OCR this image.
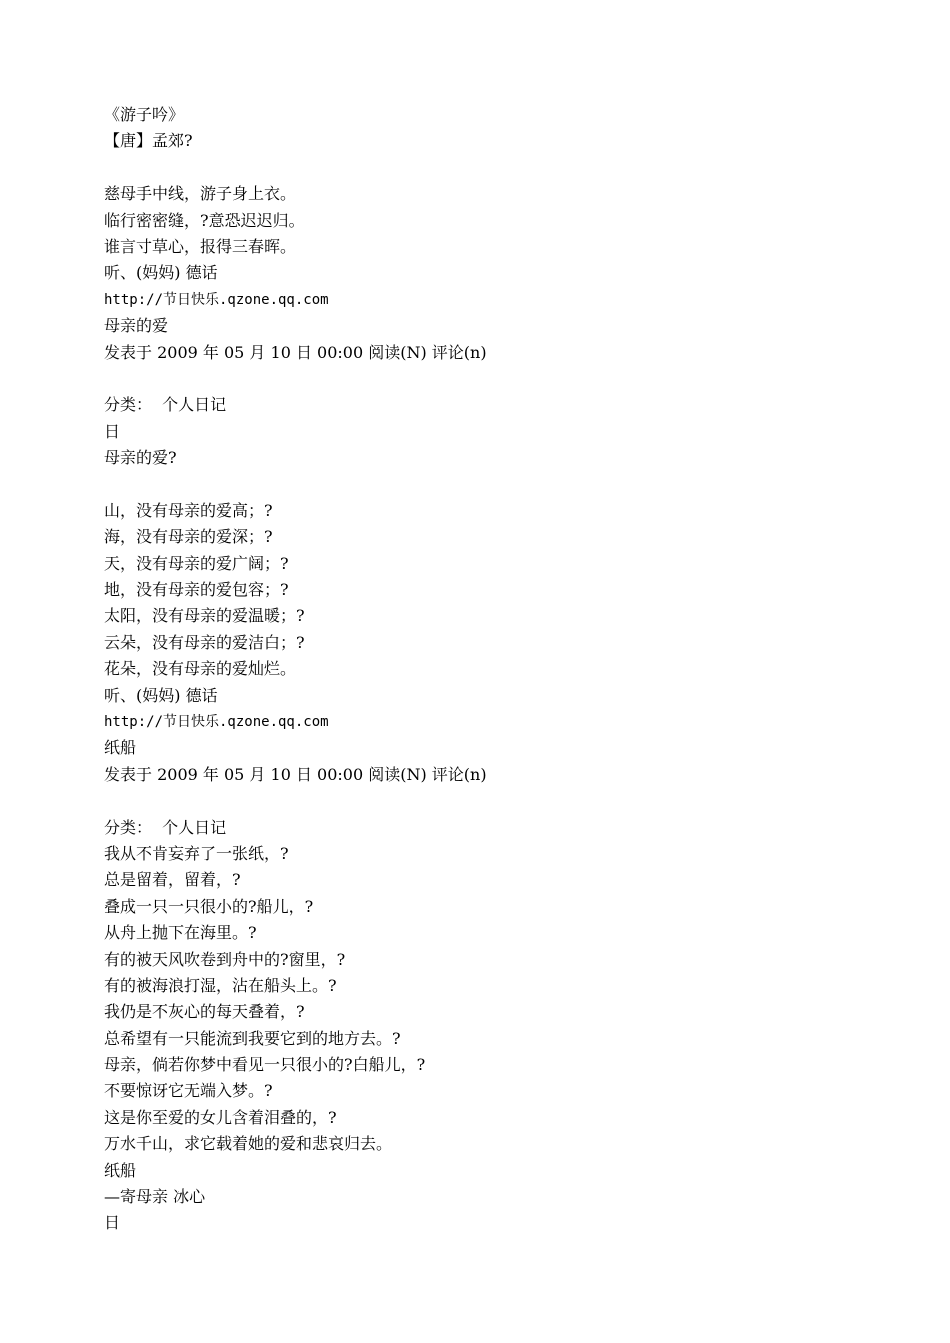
《游子吟》
【唐】孟郊?
慈母手中线，游子身上衣。
临行密密缝，?意恐迟迟归。
谁言寸草心，报得三春晖。
听、(妈妈) 德话
http://节日快乐.qzone.qq.com
母亲的爱
发表于 2009 年 05 月 10 日 00:00 阅读(N) 评论(n)
分类：  个人日记
日
母亲的爱?
山，没有母亲的爱高；?
海，没有母亲的爱深；?
天，没有母亲的爱广阔；?
地，没有母亲的爱包容；?
太阳，没有母亲的爱温暖；?
云朵，没有母亲的爱洁白；?
花朵，没有母亲的爱灿烂。
听、(妈妈) 德话
http://节日快乐.qzone.qq.com
纸船
发表于 2009 年 05 月 10 日 00:00 阅读(N) 评论(n)
分类：  个人日记
我从不肯妄弃了一张纸，?
总是留着，留着，?
叠成一只一只很小的?船儿，?
从舟上抛下在海里。?
有的被天风吹卷到舟中的?窗里，?
有的被海浪打湿，沾在船头上。?
我仍是不灰心的每天叠着，?
总希望有一只能流到我要它到的地方去。?
母亲，倘若你梦中看见一只很小的?白船儿，?
不要惊讶它无端入梦。?
这是你至爱的女儿含着泪叠的，?
万水千山，求它载着她的爱和悲哀归去。
纸船
—寄母亲 冰心
日
